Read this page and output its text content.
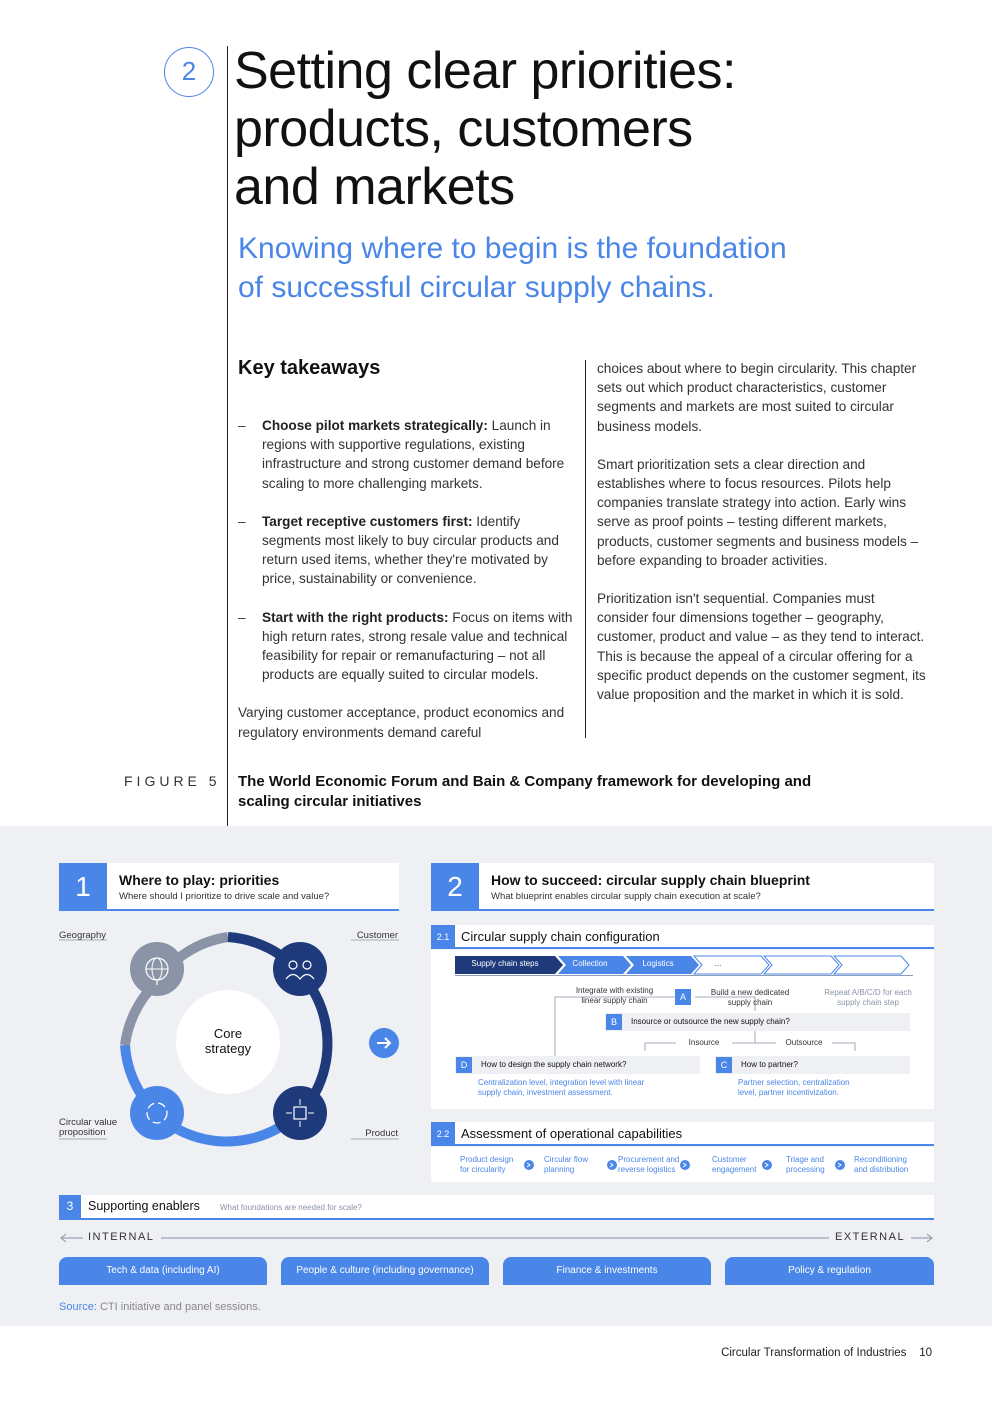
2 Setting clear priorities:
products, customers
and markets
Knowing where to begin is the foundation
of successful circular supply chains.
Key takeaways
– Choose pilot markets strategically: Launch in regions with supportive regulations, existing infrastructure and strong customer demand before scaling to more challenging markets.
– Target receptive customers first: Identify segments most likely to buy circular products and return used items, whether they're motivated by price, sustainability or convenience.
– Start with the right products: Focus on items with high return rates, strong resale value and technical feasibility for repair or remanufacturing – not all products are equally suited to circular models.
Varying customer acceptance, product economics and regulatory environments demand careful
choices about where to begin circularity. This chapter sets out which product characteristics, customer segments and markets are most suited to circular business models.
Smart prioritization sets a clear direction and establishes where to focus resources. Pilots help companies translate strategy into action. Early wins serve as proof points – testing different markets, products, customer segments and business models – before expanding to broader activities.
Prioritization isn't sequential. Companies must consider four dimensions together – geography, customer, product and value – as they tend to interact. This is because the appeal of a circular offering for a specific product depends on the customer segment, its value proposition and the market in which it is sold.
FIGURE 5 The World Economic Forum and Bain & Company framework for developing and scaling circular initiatives
1	Where to play: priorities
Where should I prioritize to drive scale and value?
Geography	Customer
Circular value proposition	Product
Core strategy
2	How to succeed: circular supply chain blueprint
What blueprint enables circular supply chain execution at scale?
2.1 Circular supply chain configuration
Supply chain steps	Collection	Logistics	...
Integrate with existing linear supply chain	A	Build a new dedicated supply chain
Repeat A/B/C/D for each supply chain step
Insource or outsource the new supply chain?
B
Insource	Outsource
How to design the supply chain network?
D
Centralization level, integration level with linear supply chain, investment assessment.
How to partner?
C
Partner selection, centralization level, partner incentivization.
2.2 Assessment of operational capabilities
Product design for circularity
Circular flow planning
Procurement and reverse logistics
Customer engagement
Triage and processing
Reconditioning and distribution
3	Supporting enablers	What foundations are needed for scale?
INTERNAL	EXTERNAL
Tech & data (including AI)	People & culture (including governance)	Finance & investments	Policy & regulation
Source: CTI initiative and panel sessions.
Circular Transformation of Industries 10
